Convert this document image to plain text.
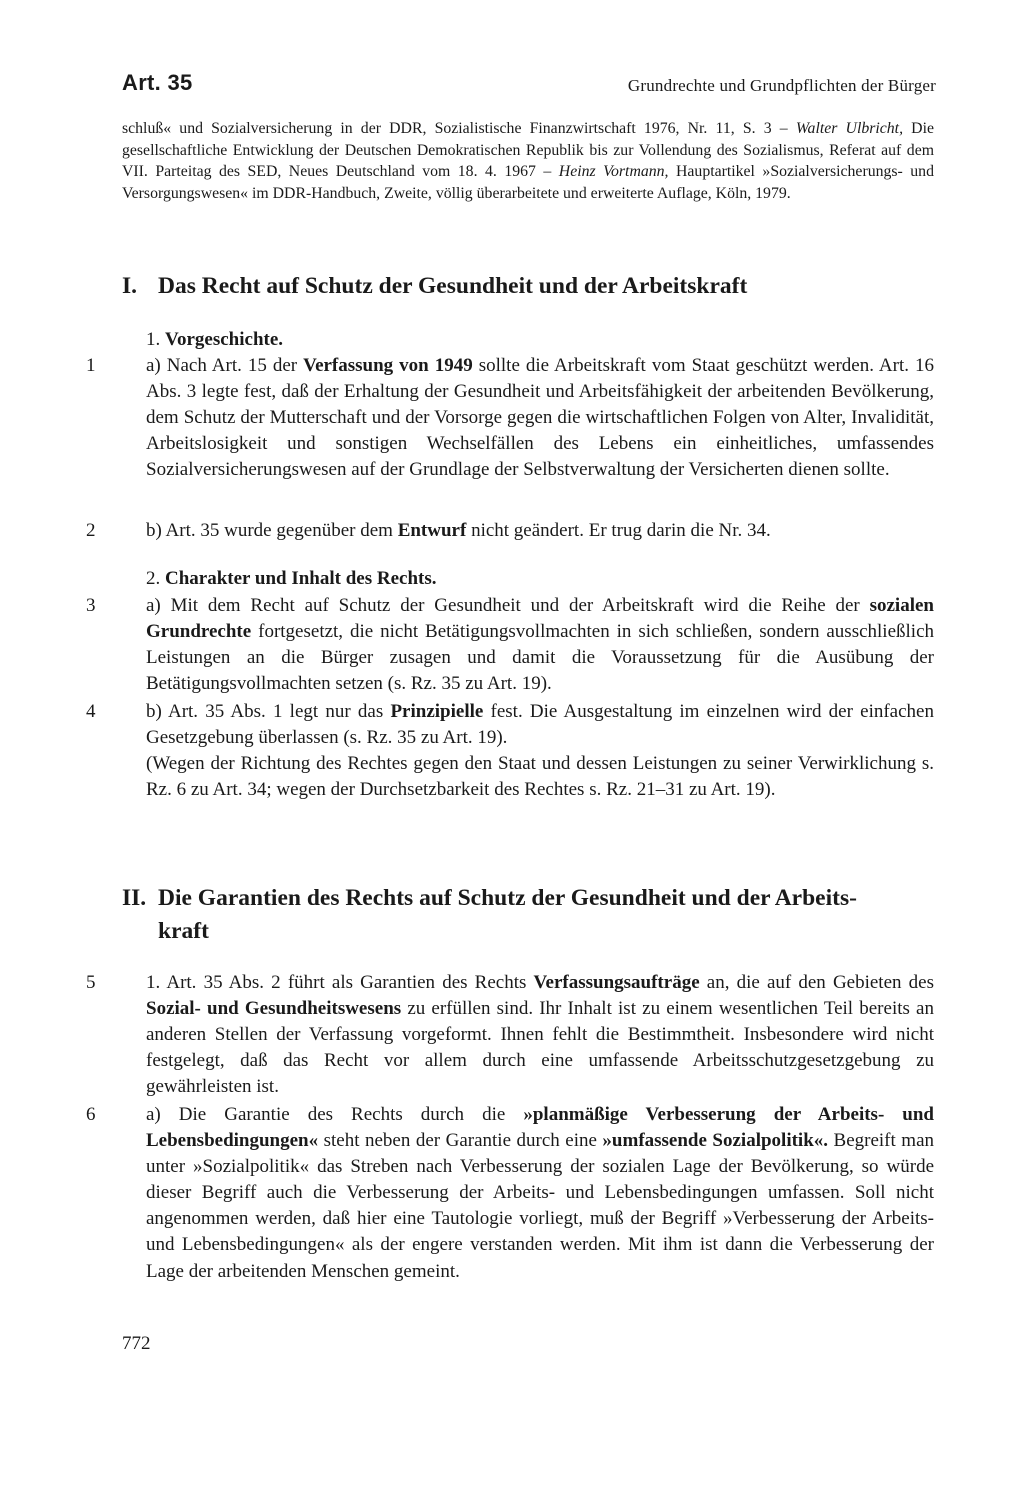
Art. 35	Grundrechte und Grundpflichten der Bürger

schluß« und Sozialversicherung in der DDR, Sozialistische Finanzwirtschaft 1976, Nr. 11, S. 3 – Walter Ulbricht, Die gesellschaftliche Entwicklung der Deutschen Demokratischen Republik bis zur Vollendung des Sozialismus, Referat auf dem VII. Parteitag des SED, Neues Deutschland vom 18. 4. 1967 – Heinz Vortmann, Hauptartikel »Sozialversicherungs- und Versorgungswesen« im DDR-Handbuch, Zweite, völlig überarbeitete und erweiterte Auflage, Köln, 1979.

I. Das Recht auf Schutz der Gesundheit und der Arbeitskraft
1. Vorgeschichte.
1	a) Nach Art. 15 der Verfassung von 1949 sollte die Arbeitskraft vom Staat geschützt werden. Art. 16 Abs. 3 legte fest, daß der Erhaltung der Gesundheit und Arbeitsfähigkeit der arbeitenden Bevölkerung, dem Schutz der Mutterschaft und der Vorsorge gegen die wirtschaftlichen Folgen von Alter, Invalidität, Arbeitslosigkeit und sonstigen Wechselfällen des Lebens ein einheitliches, umfassendes Sozialversicherungswesen auf der Grundlage der Selbstverwaltung der Versicherten dienen sollte.

2	b) Art. 35 wurde gegenüber dem Entwurf nicht geändert. Er trug darin die Nr. 34.

2. Charakter und Inhalt des Rechts.
3	a) Mit dem Recht auf Schutz der Gesundheit und der Arbeitskraft wird die Reihe der sozialen Grundrechte fortgesetzt, die nicht Betätigungsvollmachten in sich schließen, sondern ausschließlich Leistungen an die Bürger zusagen und damit die Voraussetzung für die Ausübung der Betätigungsvollmachten setzen (s. Rz. 35 zu Art. 19).

4	b) Art. 35 Abs. 1 legt nur das Prinzipielle fest. Die Ausgestaltung im einzelnen wird der einfachen Gesetzgebung überlassen (s. Rz. 35 zu Art. 19).

(Wegen der Richtung des Rechtes gegen den Staat und dessen Leistungen zu seiner Verwirklichung s. Rz. 6 zu Art. 34; wegen der Durchsetzbarkeit des Rechtes s. Rz. 21–31 zu Art. 19).

II. Die Garantien des Rechts auf Schutz der Gesundheit und der Arbeits-
kraft
5	1. Art. 35 Abs. 2 führt als Garantien des Rechts Verfassungsaufträge an, die auf den Gebieten des Sozial- und Gesundheitswesens zu erfüllen sind. Ihr Inhalt ist zu einem wesentlichen Teil bereits an anderen Stellen der Verfassung vorgeformt. Ihnen fehlt die Bestimmtheit. Insbesondere wird nicht festgelegt, daß das Recht vor allem durch eine umfassende Arbeitsschutzgesetzgebung zu gewährleisten ist.

6	a) Die Garantie des Rechts durch die »planmäßige Verbesserung der Arbeits- und Lebensbedingungen« steht neben der Garantie durch eine »umfassende Sozialpolitik«. Begreift man unter »Sozialpolitik« das Streben nach Verbesserung der sozialen Lage der Bevölkerung, so würde dieser Begriff auch die Verbesserung der Arbeits- und Lebensbedingungen umfassen. Soll nicht angenommen werden, daß hier eine Tautologie vorliegt, muß der Begriff »Verbesserung der Arbeits- und Lebensbedingungen« als der engere verstanden werden. Mit ihm ist dann die Verbesserung der Lage der arbeitenden Menschen gemeint.

772
